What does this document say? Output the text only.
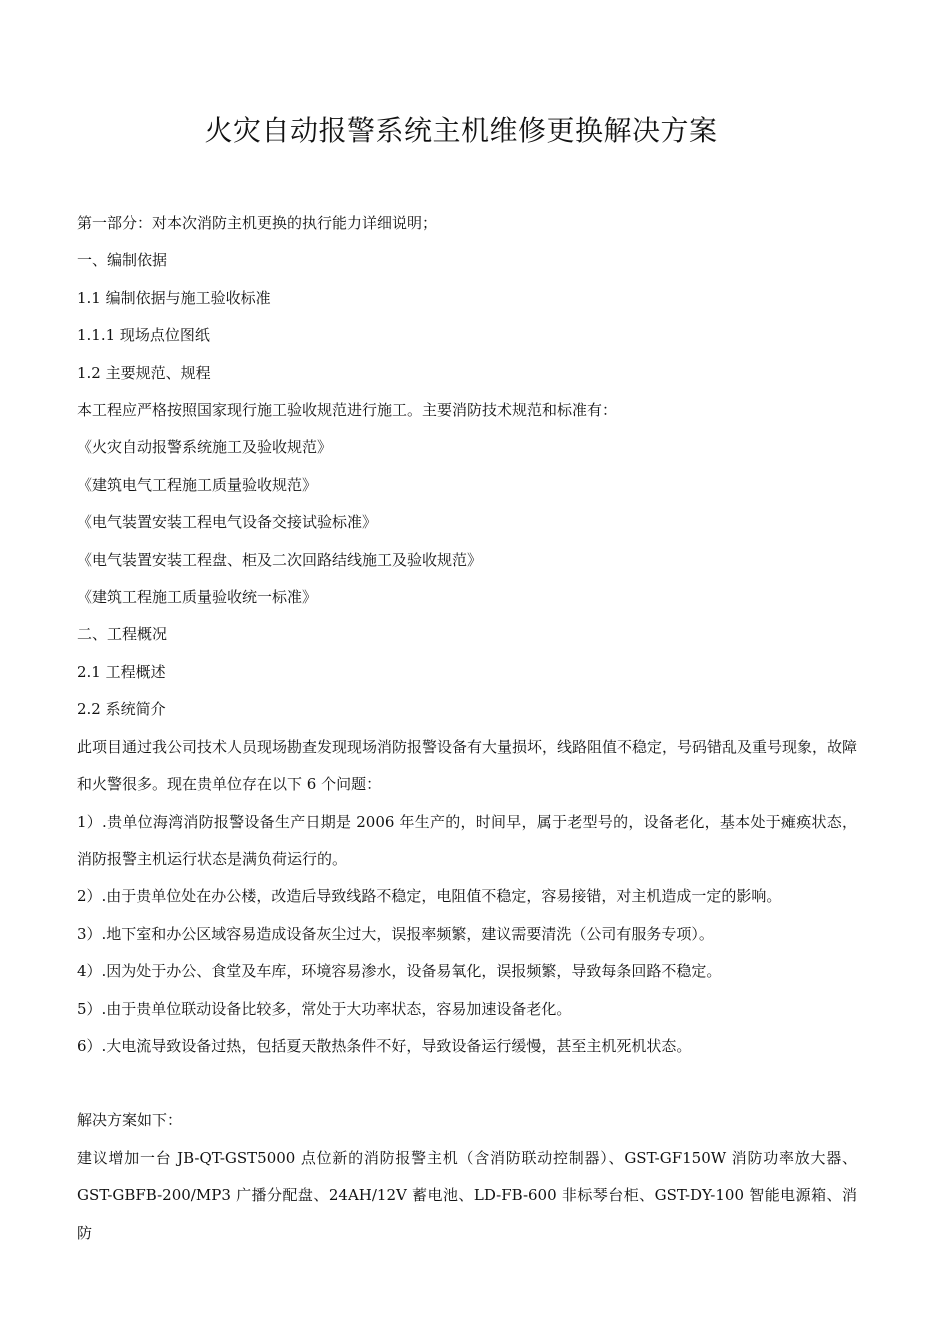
火灾自动报警系统主机维修更换解决方案

第一部分：对本次消防主机更换的执行能力详细说明；

一、编制依据

1.1 编制依据与施工验收标准

1.1.1 现场点位图纸

1.2 主要规范、规程

本工程应严格按照国家现行施工验收规范进行施工。主要消防技术规范和标准有：

《火灾自动报警系统施工及验收规范》

《建筑电气工程施工质量验收规范》

《电气装置安装工程电气设备交接试验标准》

《电气装置安装工程盘、柜及二次回路结线施工及验收规范》

《建筑工程施工质量验收统一标准》

二、工程概况

2.1 工程概述

2.2 系统简介

此项目通过我公司技术人员现场勘查发现现场消防报警设备有大量损坏，线路阻值不稳定，号码错乱及重号现象，故障和火警很多。现在贵单位存在以下 6 个问题：

1）.贵单位海湾消防报警设备生产日期是 2006 年生产的，时间早，属于老型号的，设备老化，基本处于瘫痪状态，消防报警主机运行状态是满负荷运行的。

2）.由于贵单位处在办公楼，改造后导致线路不稳定，电阻值不稳定，容易接错，对主机造成一定的影响。

3）.地下室和办公区域容易造成设备灰尘过大，误报率频繁，建议需要清洗（公司有服务专项）。

4）.因为处于办公、食堂及车库，环境容易渗水，设备易氧化，误报频繁，导致每条回路不稳定。

5）.由于贵单位联动设备比较多，常处于大功率状态，容易加速设备老化。

6）.大电流导致设备过热，包括夏天散热条件不好，导致设备运行缓慢，甚至主机死机状态。

解决方案如下：

建议增加一台 JB-QT-GST5000 点位新的消防报警主机（含消防联动控制器）、GST-GF150W 消防功率放大器、GST-GBFB-200/MP3 广播分配盘、24AH/12V 蓄电池、LD-FB-600 非标琴台柜、GST-DY-100 智能电源箱、消防
